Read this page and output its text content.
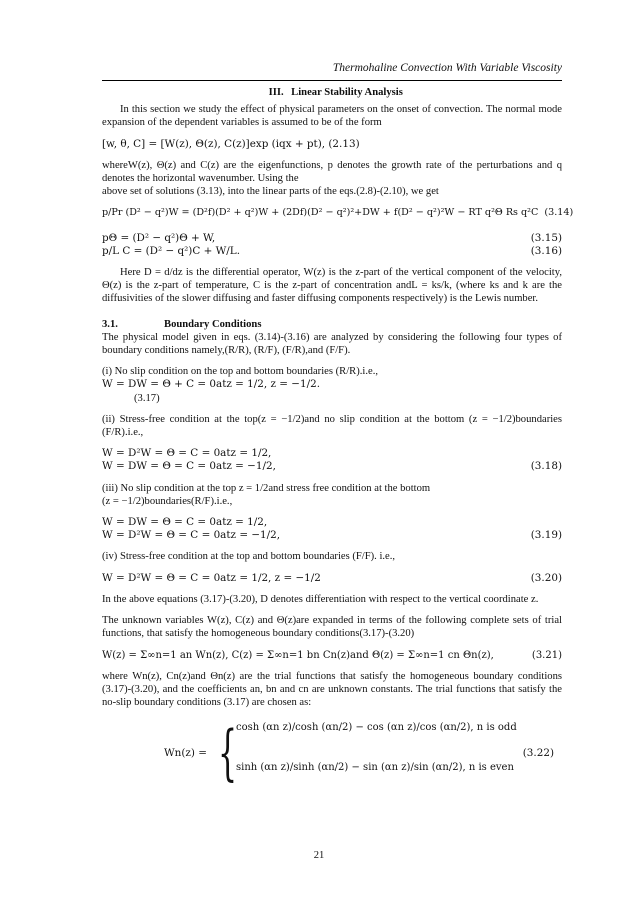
Thermohaline Convection With Variable Viscosity

III. Linear Stability Analysis

In this section we study the effect of physical parameters on the onset of convection. The normal mode expansion of the dependent variables is assumed to be of the form

[w, θ, C] = [W(z), Θ(z), C(z)]exp (iqx + pt), (2.13)

whereW(z), Θ(z) and C(z) are the eigenfunctions, p denotes the growth rate of the perturbations and q denotes the horizontal wavenumber. Using the

above set of solutions (3.13), into the linear parts of the eqs.(2.8)-(2.10), we get

p/Pr (D² − q²)W = (D²f)(D² + q²)W + (2Df)(D² − q²)²+DW + f(D² − q²)²W − RT q²Θ Rs q²C (3.14)
pΘ = (D² − q²)Θ + W,	(3.15)
p/L C = (D² − q²)C + W/L.	(3.16)

Here D = d/dz is the differential operator, W(z) is the z-part of the vertical component of the velocity, Θ(z) is the z-part of temperature, C is the z-part of concentration andL = ks/k, (where ks and k are the diffusivities of the slower diffusing and faster diffusing components respectively) is the Lewis number.

3.1.	Boundary Conditions

The physical model given in eqs. (3.14)-(3.16) are analyzed by considering the following four types of boundary conditions namely,(R/R), (R/F), (F/R),and (F/F).

(i) No slip condition on the top and bottom boundaries (R/R).i.e.,

W = DW = Θ + C = 0atz = 1/2, z = −1/2.

(3.17)

(ii) Stress-free condition at the top(z = −1/2)and no slip condition at the bottom (z = −1/2)boundaries (F/R).i.e.,

W = D²W = Θ = C = 0atz = 1/2,

W = DW = Θ = C = 0atz = −1/2,	(3.18)

(iii) No slip condition at the top z = 1/2and stress free condition at the bottom

(z = −1/2)boundaries(R/F).i.e.,

W = DW = Θ = C = 0atz = 1/2,

W = D²W = Θ = C = 0atz = −1/2,	(3.19)

(iv) Stress-free condition at the top and bottom boundaries (F/F). i.e.,

W = D²W = Θ = C = 0atz = 1/2, z = −1/2	(3.20)

In the above equations (3.17)-(3.20), D denotes differentiation with respect to the vertical coordinate z.

The unknown variables W(z), C(z) and Θ(z)are expanded in terms of the following complete sets of trial functions, that satisfy the homogeneous boundary conditions(3.17)-(3.20)

W(z) = Σ∞n=1 an Wn(z), C(z) = Σ∞n=1 bn Cn(z)and Θ(z) = Σ∞n=1 cn Θn(z),	(3.21)

where Wn(z), Cn(z)and Θn(z) are the trial functions that satisfy the homogeneous boundary conditions (3.17)-(3.20), and the coefficients an, bn and cn are unknown constants. The trial functions that satisfy the no-slip boundary conditions (3.17) are chosen as:

Wn(z) = {
cosh (αn z)/cosh (αn/2) − cos (αn z)/cos (αn/2), n is odd
sinh (αn z)/sinh (αn/2) − sin (αn z)/sin (αn/2), n is even
(3.22)
21
